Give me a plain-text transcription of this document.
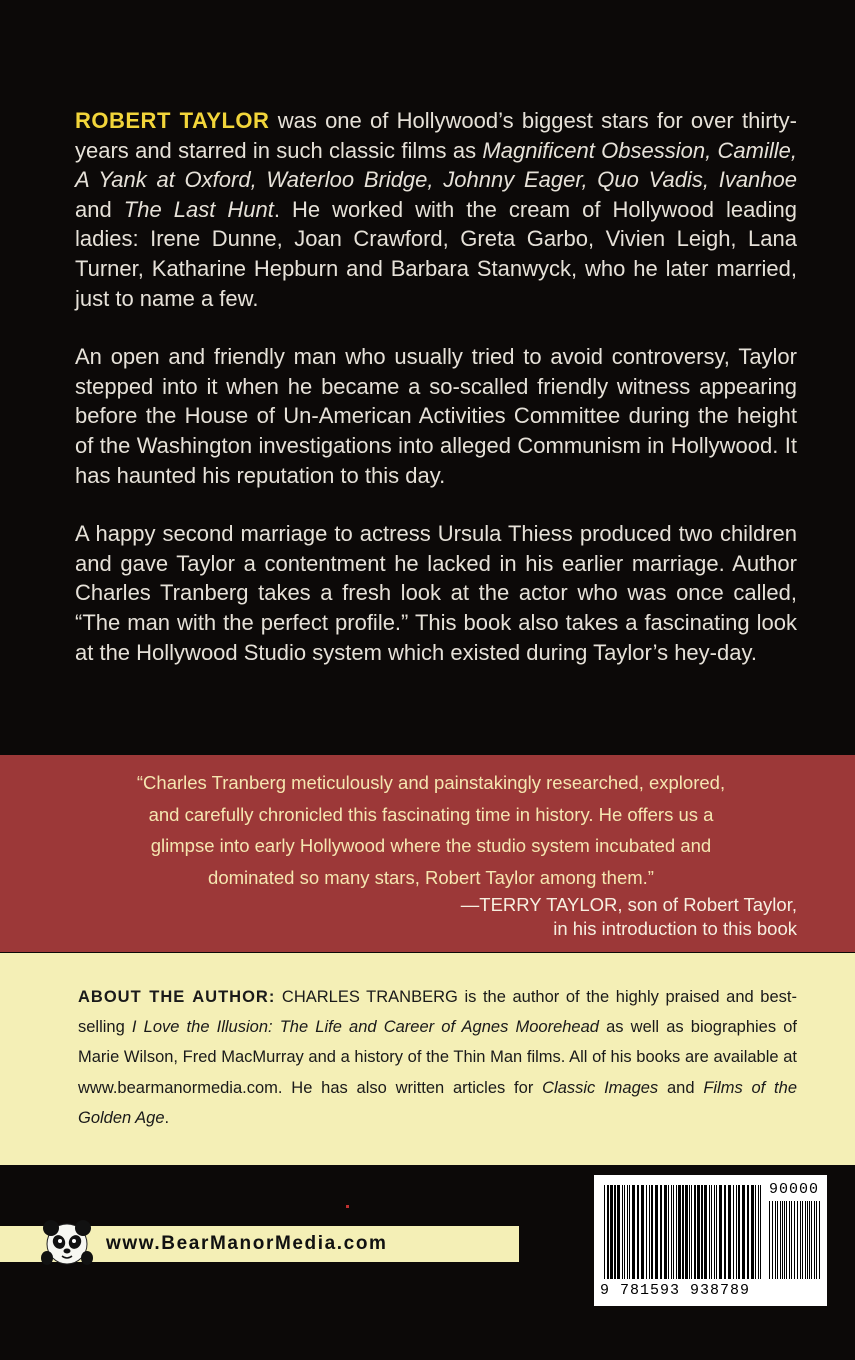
ROBERT TAYLOR was one of Hollywood’s biggest stars for over thirty-years and starred in such classic films as Magnificent Obsession, Camille, A Yank at Oxford, Waterloo Bridge, Johnny Eager, Quo Vadis, Ivanhoe and The Last Hunt. He worked with the cream of Hollywood leading ladies: Irene Dunne, Joan Crawford, Greta Garbo, Vivien Leigh, Lana Turner, Katharine Hepburn and Barbara Stanwyck, who he later married, just to name a few.

An open and friendly man who usually tried to avoid controversy, Taylor stepped into it when he became a so-scalled friendly witness appearing before the House of Un-American Activities Committee during the height of the Washington investigations into alleged Communism in Hollywood. It has haunted his reputation to this day.

A happy second marriage to actress Ursula Thiess produced two children and gave Taylor a contentment he lacked in his earlier marriage. Author Charles Tranberg takes a fresh look at the actor who was once called, “The man with the perfect profile.” This book also takes a fascinating look at the Hollywood Studio system which existed during Taylor’s hey-day.

“Charles Tranberg meticulously and painstakingly researched, explored,

and carefully chronicled this fascinating time in history. He offers us a

glimpse into early Hollywood where the studio system incubated and

dominated so many stars, Robert Taylor among them.”

—TERRY TAYLOR, son of Robert Taylor,
in his introduction to this book

ABOUT THE AUTHOR: CHARLES TRANBERG is the author of the highly praised and best-selling I Love the Illusion: The Life and Career of Agnes Moorehead as well as biographies of Marie Wilson, Fred MacMurray and a history of the Thin Man films. All of his books are available at www.bearmanormedia.com. He has also written articles for Classic Images and Films of the Golden Age.

www.BearManorMedia.com
90000
9 781593 938789
